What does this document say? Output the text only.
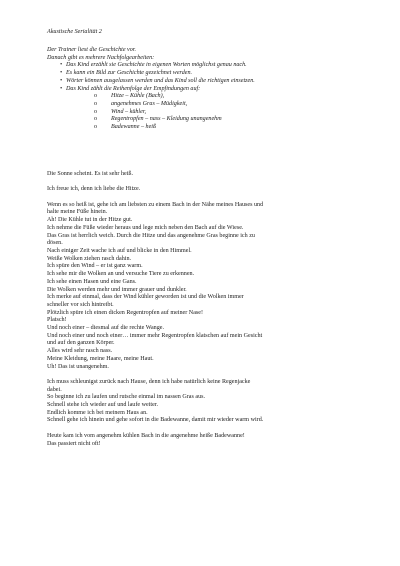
Akustische Serialität 2

Der Trainer liest die Geschichte vor.

Danach gibt es mehrere Nachfolgearbeiten:

• Das Kind erzählt sie Geschichte in eigenen Worten möglichst genau nach.
• Es kann ein Bild zur Geschichte gezeichnet werden.
• Wörter können ausgelassen werden und das Kind soll die richtigen einsetzen.
• Das Kind zählt die Reihenfolge der Empfindungen auf:
o Hitze – Kühle (Bach),
o angenehmes Gras – Müdigkeit,
o Wind – kühler,
o Regentropfen – nass – Kleidung unangenehm
o Badewanne – heiß

Die Sonne scheint. Es ist sehr heiß.

Ich freue ich, denn ich liebe die Hitze.

Wenn es so heiß ist, gehe ich am liebsten zu einem Bach in der Nähe meines Hauses und
halte meine Füße hinein.
Ah! Die Kühle tut in der Hitze gut.
Ich nehme die Füße wieder heraus und lege mich neben den Bach auf die Wiese.
Das Gras ist herrlich weich. Durch die Hitze und das angenehme Gras beginne ich zu
dösen.
Nach einiger Zeit wache ich auf und blicke in den Himmel.
Weiße Wolken ziehen rasch dahin.
Ich spüre den Wind – er ist ganz warm.
Ich sehe mir die Wolken an und versuche Tiere zu erkennen.
Ich sehe einen Hasen und eine Gans.
Die Wolken werden mehr und immer grauer und dunkler.
Ich merke auf einmal, dass der Wind kühler geworden ist und die Wolken immer
schneller vor sich hintreibt.
Plötzlich spüre ich einen dicken Regentropfen auf meiner Nase!
Platsch!
Und noch einer – diesmal auf die rechte Wange.
Und noch einer und noch einer… immer mehr Regentropfen klatschen auf mein Gesicht
und auf den ganzen Körper.
Alles wird sehr rasch nass.
Meine Kleidung, meine Haare, meine Haut.
Uh! Das ist unangenehm.

Ich muss schleunigst zurück nach Hause, denn ich habe natürlich keine Regenjacke
dabei.
So beginne ich zu laufen und rutsche einmal im nassen Gras aus.
Schnell stehe ich wieder auf und laufe weiter.
Endlich komme ich bei meinem Haus an.
Schnell gehe ich hinein und gehe sofort in die Badewanne, damit mir wieder warm wird.

Heute kam ich vom angenehm kühlen Bach in die angenehme heiße Badewanne!
Das passiert nicht oft!
